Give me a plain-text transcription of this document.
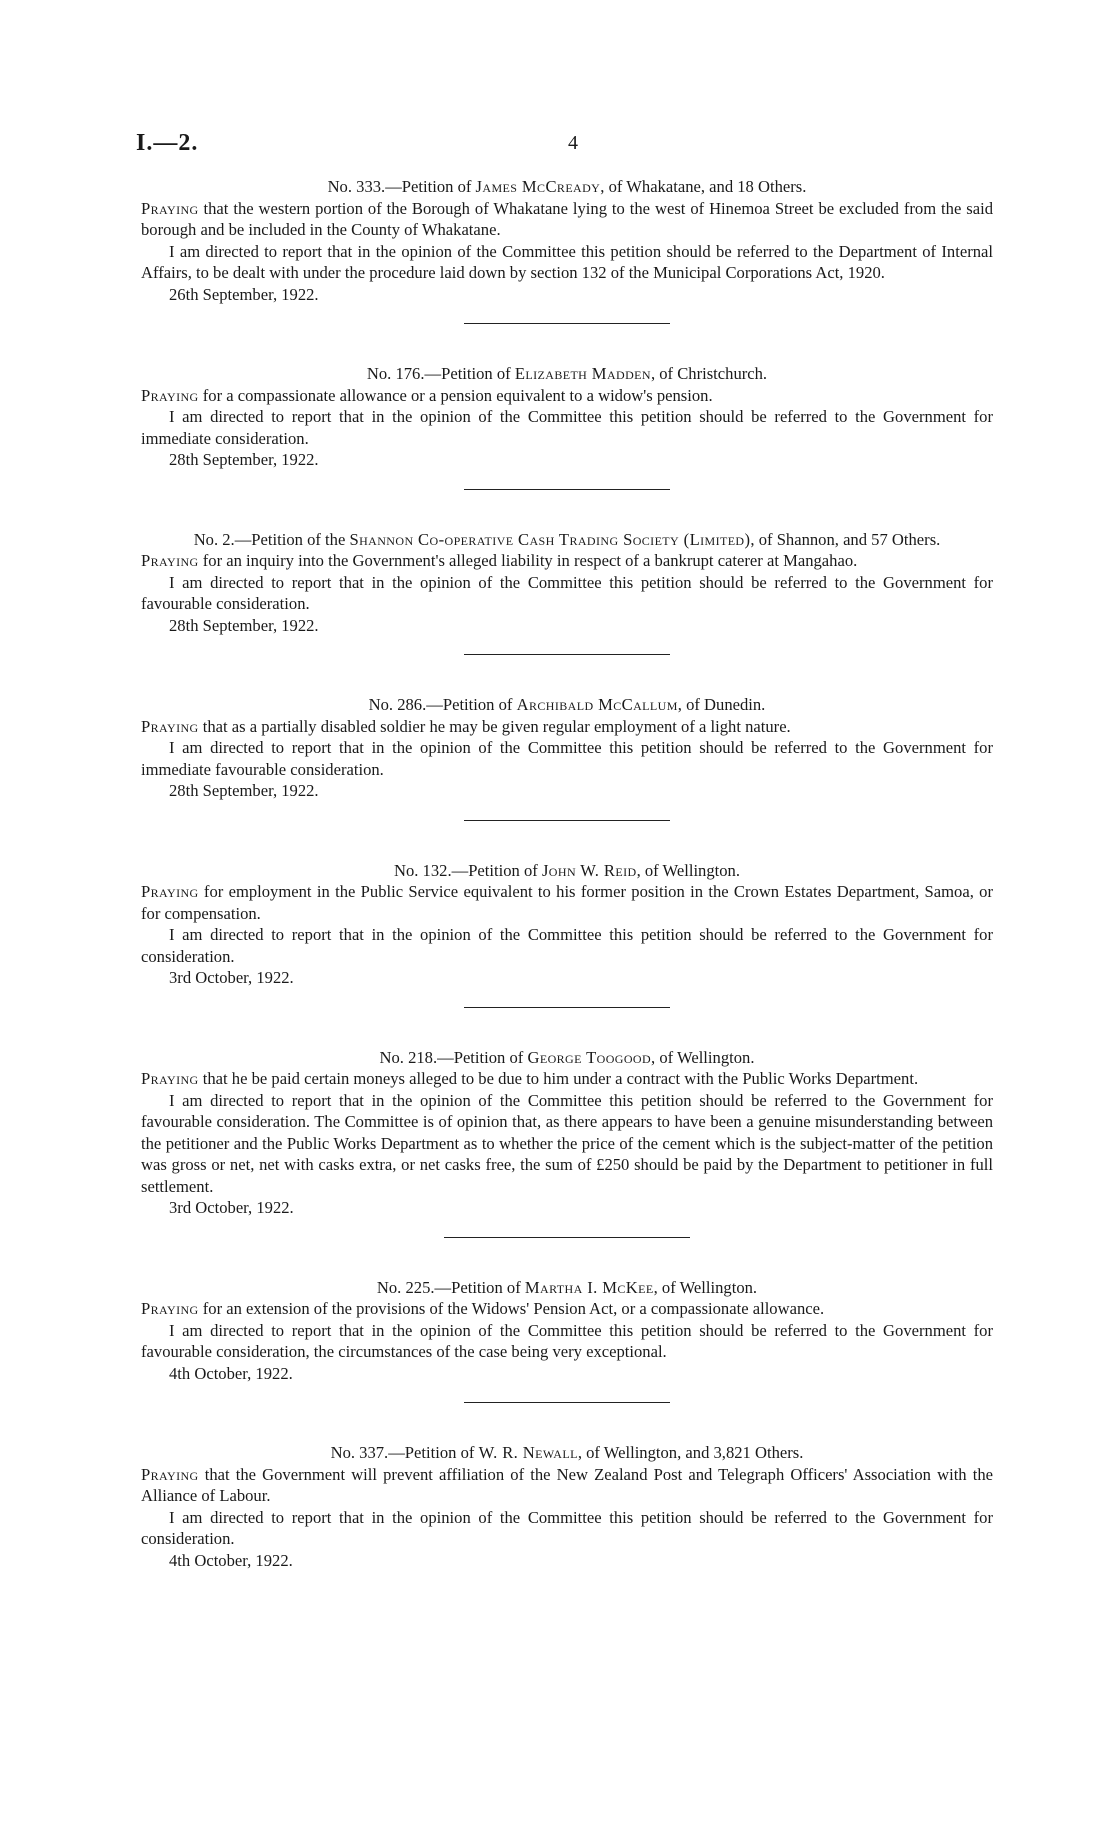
I.—2.	4

No. 333.—Petition of James McCready, of Whakatane, and 18 Others.

Praying that the western portion of the Borough of Whakatane lying to the west of Hinemoa Street be excluded from the said borough and be included in the County of Whakatane.

I am directed to report that in the opinion of the Committee this petition should be referred to the Department of Internal Affairs, to be dealt with under the procedure laid down by section 132 of the Municipal Corporations Act, 1920.

26th September, 1922.

No. 176.—Petition of Elizabeth Madden, of Christchurch.

Praying for a compassionate allowance or a pension equivalent to a widow's pension.

I am directed to report that in the opinion of the Committee this petition should be referred to the Government for immediate consideration.

28th September, 1922.

No. 2.—Petition of the Shannon Co-operative Cash Trading Society (Limited), of Shannon, and 57 Others.

Praying for an inquiry into the Government's alleged liability in respect of a bankrupt caterer at Mangahao.

I am directed to report that in the opinion of the Committee this petition should be referred to the Government for favourable consideration.

28th September, 1922.

No. 286.—Petition of Archibald McCallum, of Dunedin.

Praying that as a partially disabled soldier he may be given regular employment of a light nature.

I am directed to report that in the opinion of the Committee this petition should be referred to the Government for immediate favourable consideration.

28th September, 1922.

No. 132.—Petition of John W. Reid, of Wellington.

Praying for employment in the Public Service equivalent to his former position in the Crown Estates Department, Samoa, or for compensation.

I am directed to report that in the opinion of the Committee this petition should be referred to the Government for consideration.

3rd October, 1922.

No. 218.—Petition of George Toogood, of Wellington.

Praying that he be paid certain moneys alleged to be due to him under a contract with the Public Works Department.

I am directed to report that in the opinion of the Committee this petition should be referred to the Government for favourable consideration. The Committee is of opinion that, as there appears to have been a genuine misunderstanding between the petitioner and the Public Works Department as to whether the price of the cement which is the subject-matter of the petition was gross or net, net with casks extra, or net casks free, the sum of £250 should be paid by the Department to petitioner in full settlement.

3rd October, 1922.

No. 225.—Petition of Martha I. McKee, of Wellington.

Praying for an extension of the provisions of the Widows' Pension Act, or a compassionate allowance.

I am directed to report that in the opinion of the Committee this petition should be referred to the Government for favourable consideration, the circumstances of the case being very exceptional.

4th October, 1922.

No. 337.—Petition of W. R. Newall, of Wellington, and 3,821 Others.

Praying that the Government will prevent affiliation of the New Zealand Post and Telegraph Officers' Association with the Alliance of Labour.

I am directed to report that in the opinion of the Committee this petition should be referred to the Government for consideration.

4th October, 1922.
